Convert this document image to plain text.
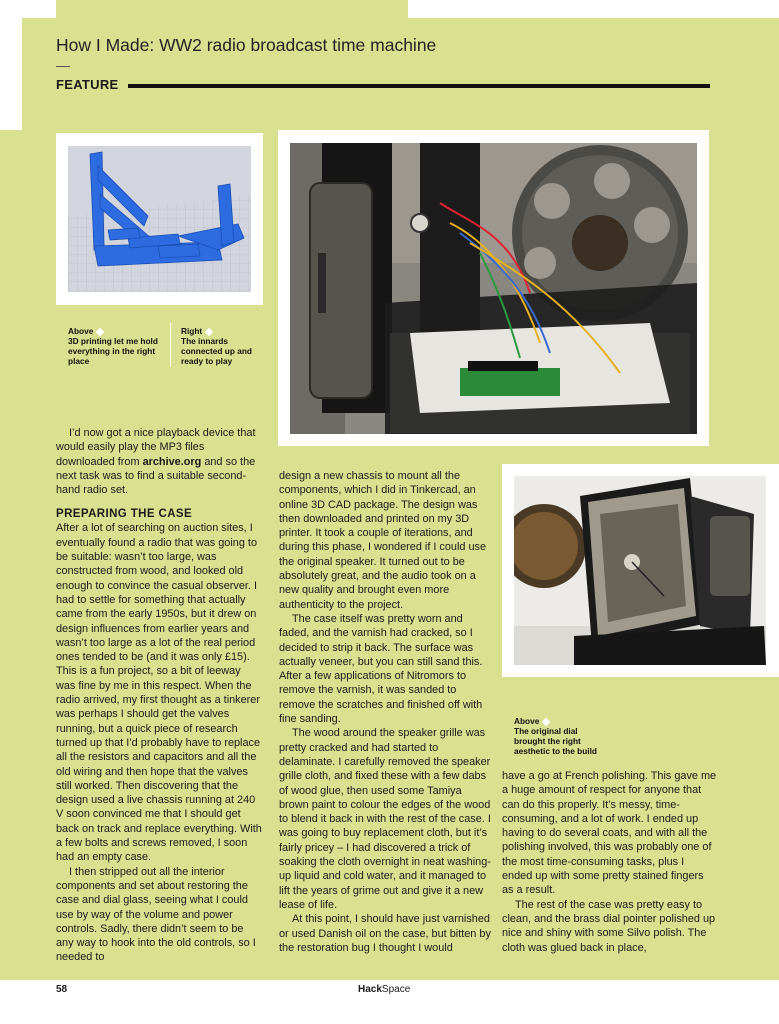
How I Made: WW2 radio broadcast time machine
FEATURE
Above
3D printing let me hold everything in the right place
Right
The innards connected up and ready to play
Above
The original dial brought the right aesthetic to the build

I’d now got a nice playback device that would easily play the MP3 files downloaded from archive.org and so the next task was to find a suitable second-hand radio set.

PREPARING THE CASE

After a lot of searching on auction sites, I eventually found a radio that was going to be suitable: wasn’t too large, was constructed from wood, and looked old enough to convince the casual observer. I had to settle for something that actually came from the early 1950s, but it drew on design influences from earlier years and wasn’t too large as a lot of the real period ones tended to be (and it was only £15). This is a fun project, so a bit of leeway was fine by me in this respect. When the radio arrived, my first thought as a tinkerer was perhaps I should get the valves running, but a quick piece of research turned up that I’d probably have to replace all the resistors and capacitors and all the old wiring and then hope that the valves still worked. Then discovering that the design used a live chassis running at 240 V soon convinced me that I should get back on track and replace everything. With a few bolts and screws removed, I soon had an empty case.

I then stripped out all the interior components and set about restoring the case and dial glass, seeing what I could use by way of the volume and power controls. Sadly, there didn’t seem to be any way to hook into the old controls, so I needed to

design a new chassis to mount all the components, which I did in Tinkercad, an online 3D CAD package. The design was then downloaded and printed on my 3D printer. It took a couple of iterations, and during this phase, I wondered if I could use the original speaker. It turned out to be absolutely great, and the audio took on a new quality and brought even more authenticity to the project.

The case itself was pretty worn and faded, and the varnish had cracked, so I decided to strip it back. The surface was actually veneer, but you can still sand this. After a few applications of Nitromors to remove the varnish, it was sanded to remove the scratches and finished off with fine sanding.

The wood around the speaker grille was pretty cracked and had started to delaminate. I carefully removed the speaker grille cloth, and fixed these with a few dabs of wood glue, then used some Tamiya brown paint to colour the edges of the wood to blend it back in with the rest of the case. I was going to buy replacement cloth, but it’s fairly pricey – I had discovered a trick of soaking the cloth overnight in neat washing-up liquid and cold water, and it managed to lift the years of grime out and give it a new lease of life.

At this point, I should have just varnished or used Danish oil on the case, but bitten by the restoration bug I thought I would

have a go at French polishing. This gave me a huge amount of respect for anyone that can do this properly. It’s messy, time-consuming, and a lot of work. I ended up having to do several coats, and with all the polishing involved, this was probably one of the most time-consuming tasks, plus I ended up with some pretty stained fingers as a result.

The rest of the case was pretty easy to clean, and the brass dial pointer polished up nice and shiny with some Silvo polish. The cloth was glued back in place,

58	HackSpace
